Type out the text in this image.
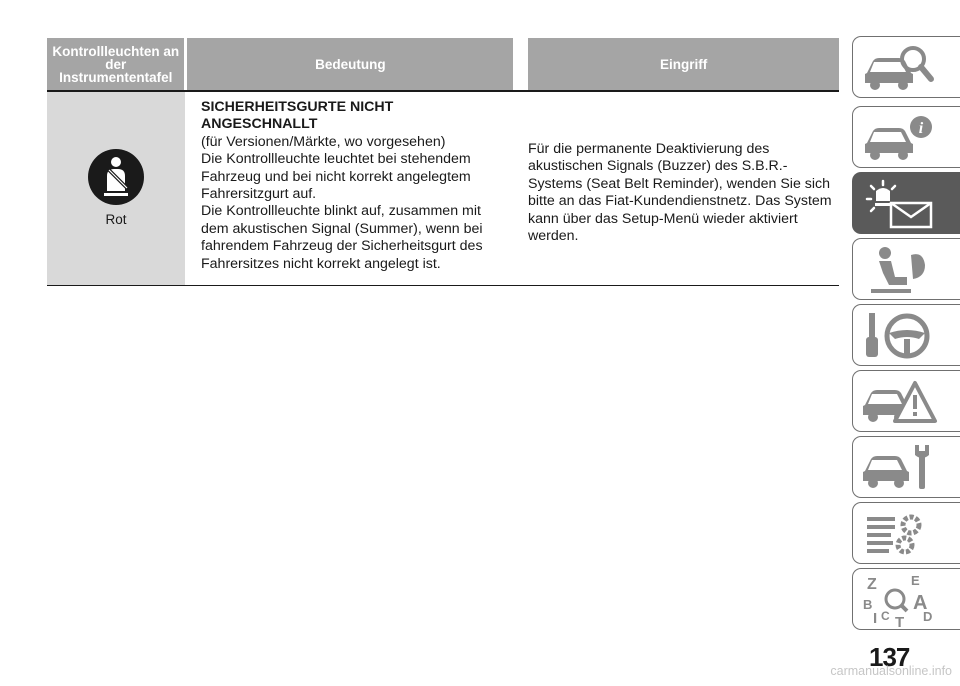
Kontrollleuchten an der Instrumententafel
Bedeutung	Eingriff
Rot

SICHERHEITSGURTE NICHT

ANGESCHNALLT

(für Versionen/Märkte, wo vorgesehen)

Die Kontrollleuchte leuchtet bei stehendem Fahrzeug und bei nicht korrekt angelegtem Fahrersitzgurt auf.

Die Kontrollleuchte blinkt auf, zusammen mit dem akustischen Signal (Summer), wenn bei fahrendem Fahrzeug der Sicherheitsgurt des Fahrersitzes nicht korrekt angelegt ist.

Für die permanente Deaktivierung des akustischen Signals (Buzzer) des S.B.R.-Systems (Seat Belt Reminder), wenden Sie sich bitte an das Fiat-Kundendienstnetz. Das System kann über das Setup-Menü wieder aktiviert werden.

i
Z	E
B A
I C T D
137
carmanualsonline.info
